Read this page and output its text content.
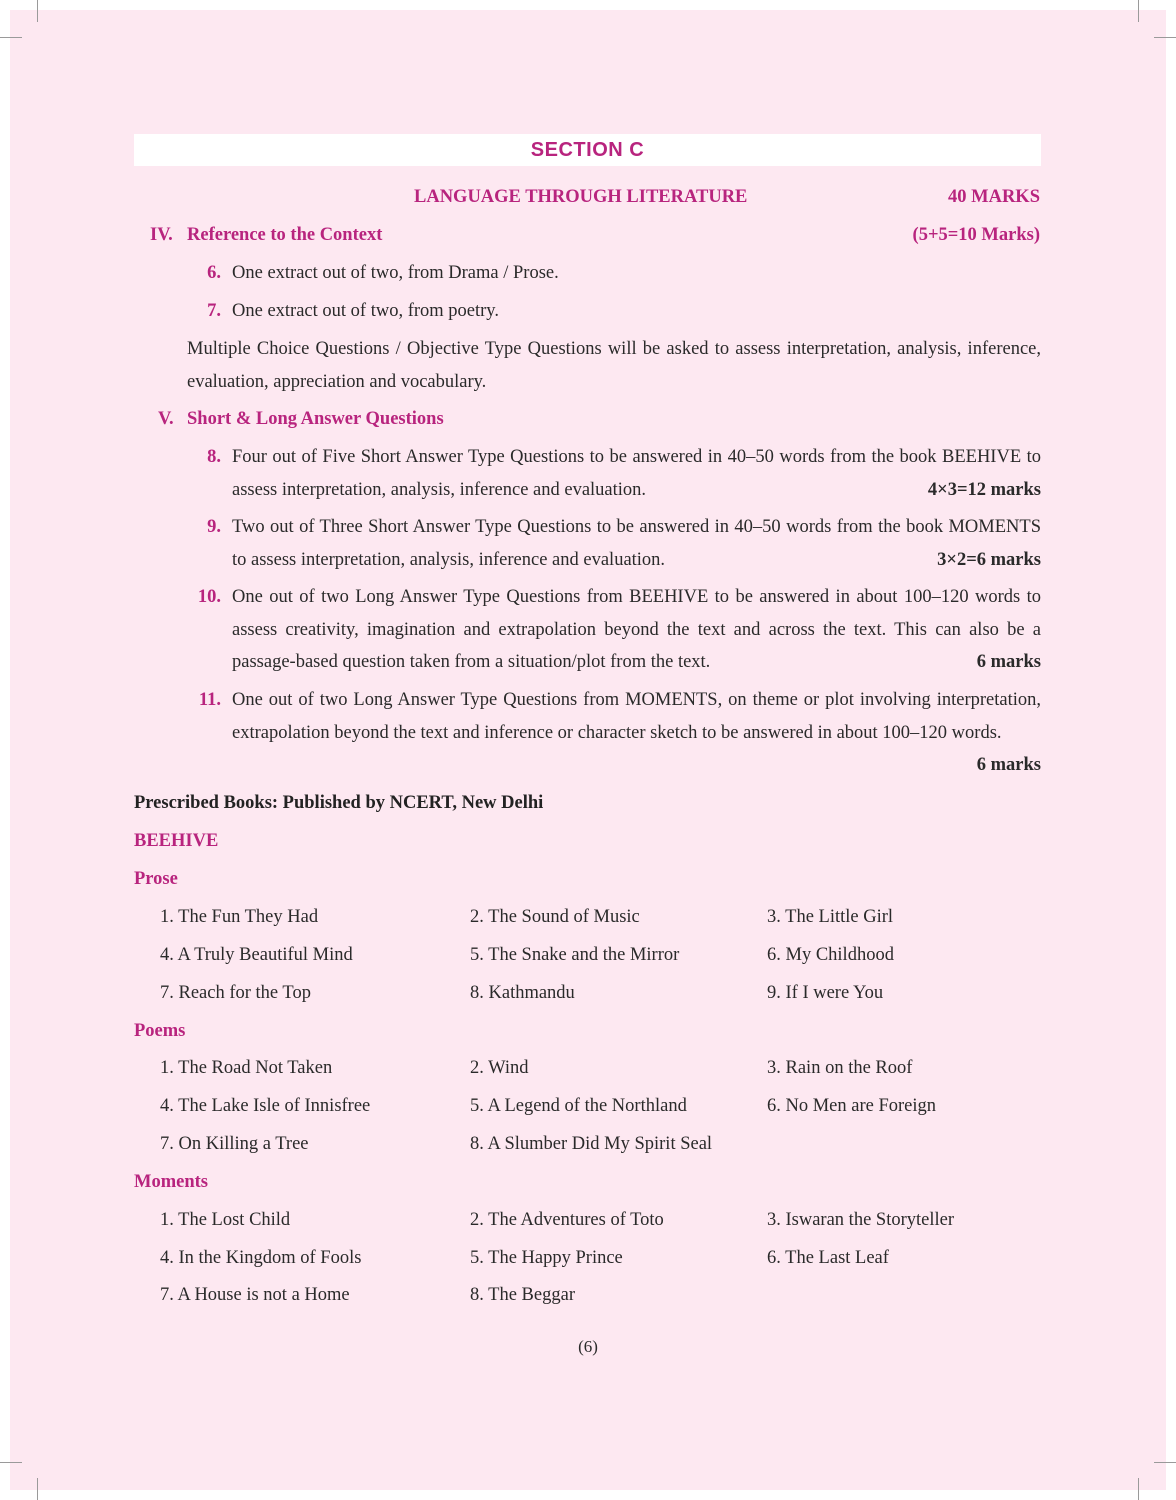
SECTION C
LANGUAGE THROUGH LITERATURE	40 MARKS
IV. Reference to the Context	(5+5=10 Marks)
6. One extract out of two, from Drama / Prose.
7. One extract out of two, from poetry.
Multiple Choice Questions / Objective Type Questions will be asked to assess interpretation, analysis, inference, evaluation, appreciation and vocabulary.
V. Short & Long Answer Questions
8. Four out of Five Short Answer Type Questions to be answered in 40–50 words from the book BEEHIVE to assess interpretation, analysis, inference and evaluation.	4×3=12 marks
9. Two out of Three Short Answer Type Questions to be answered in 40–50 words from the book MOMENTS to assess interpretation, analysis, inference and evaluation.	3×2=6 marks
10. One out of two Long Answer Type Questions from BEEHIVE to be answered in about 100–120 words to assess creativity, imagination and extrapolation beyond the text and across the text. This can also be a passage-based question taken from a situation/plot from the text.	6 marks
11. One out of two Long Answer Type Questions from MOMENTS, on theme or plot involving interpretation, extrapolation beyond the text and inference or character sketch to be answered in about 100–120 words.
6 marks
Prescribed Books: Published by NCERT, New Delhi
BEEHIVE
Prose
1. The Fun They Had	2. The Sound of Music	3. The Little Girl
4. A Truly Beautiful Mind	5. The Snake and the Mirror	6. My Childhood
7. Reach for the Top	8. Kathmandu	9. If I were You
Poems
1. The Road Not Taken	2. Wind	3. Rain on the Roof
4. The Lake Isle of Innisfree	5. A Legend of the Northland	6. No Men are Foreign
7. On Killing a Tree	8. A Slumber Did My Spirit Seal
Moments
1. The Lost Child	2. The Adventures of Toto	3. Iswaran the Storyteller
4. In the Kingdom of Fools	5. The Happy Prince	6. The Last Leaf
7. A House is not a Home	8. The Beggar
(6)
